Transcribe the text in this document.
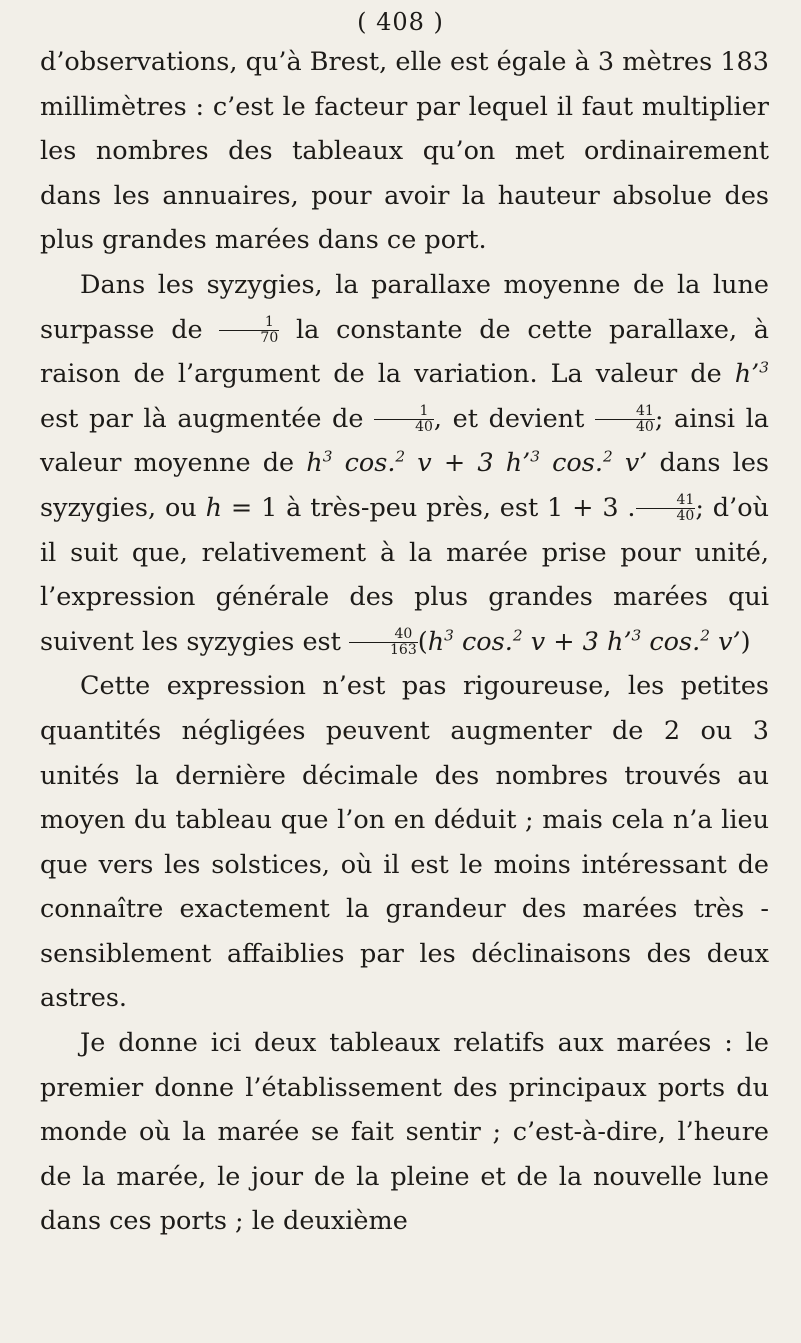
( 408 )

d’observations, qu’à Brest, elle est égale à 3 mètres 183 millimètres : c’est le facteur par lequel il faut multiplier les nombres des tableaux qu’on met ordinairement dans les annuaires, pour avoir la hauteur absolue des plus grandes marées dans ce port.

Dans les syzygies, la parallaxe moyenne de la lune surpasse de $\frac{1}{70}$ la constante de cette parallaxe, à raison de l’argument de la variation. La valeur de h’$^3$ est par là augmentée de $\frac{1}{40}$ , et devient $\frac{41}{40}$ ; ainsi la valeur moyenne de $h^3$ cos.$^2$ v + 3 h’$^3$ cos.$^2$ v’ dans les syzygies, ou h = 1 à très-peu près, est 1 + 3 . $\frac{41}{40}$ ; d’où il suit que, relativement à la marée prise pour unité, l’expression générale des plus grandes marées qui suivent les syzygies est $\frac{40}{163} (h^3$ cos.$^2$ v + 3 h’$^3$ cos.$^2$ v’)

Cette expression n’est pas rigoureuse, les petites quantités négligées peuvent augmenter de 2 ou 3 unités la dernière décimale des nombres trouvés au moyen du tableau que l’on en déduit ; mais cela n’a lieu que vers les solstices, où il est le moins intéressant de connaître exactement la grandeur des marées très - sensiblement affaiblies par les déclinaisons des deux astres.

Je donne ici deux tableaux relatifs aux marées : le premier donne l’établissement des principaux ports du monde où la marée se fait sentir ; c’est-à-dire, l’heure de la marée, le jour de la pleine et de la nouvelle lune dans ces ports ; le deuxième
